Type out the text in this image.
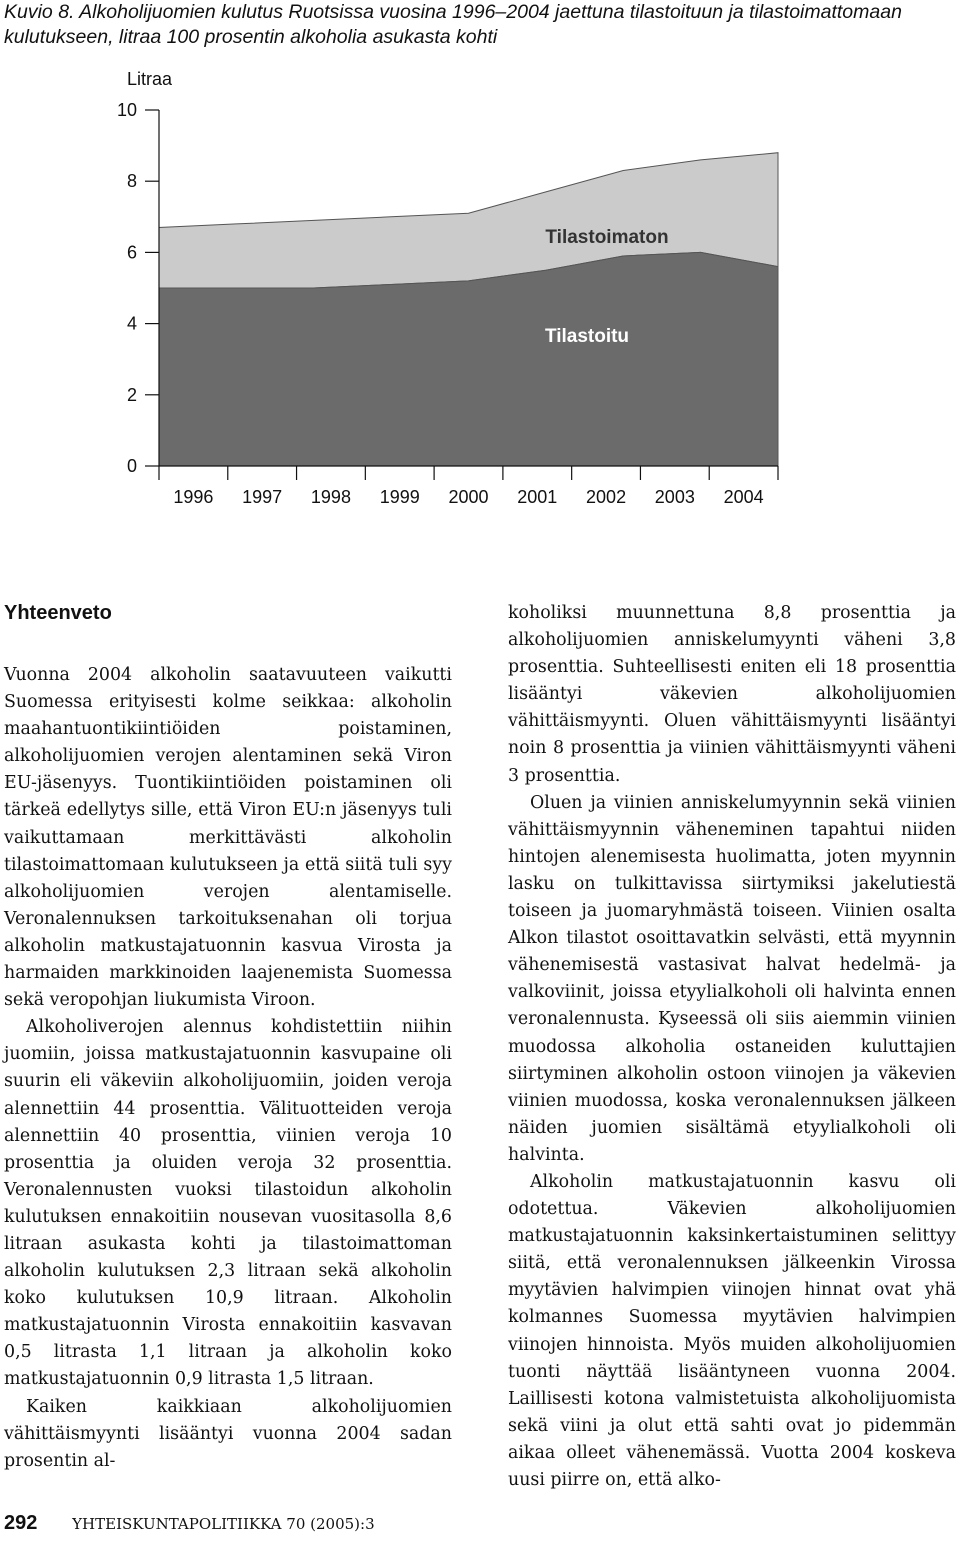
Kuvio 8. Alkoholijuomien kulutus Ruotsissa vuosina 1996–2004 jaettuna tilastoituun ja tilastoimattomaan kulutukseen, litraa 100 prosentin alkoholia asukasta kohti
0
2
4
6
8
10
Litraa
1996 1997 1998 1999 2000 2001 2002 2003 2004
Tilastoimaton
Tilastoitu
Yhteenveto

Vuonna 2004 alkoholin saatavuuteen vaikutti Suomessa erityisesti kolme seikkaa: alkoholin maahantuontikiintiöiden poistaminen, alkoholijuomien verojen alentaminen sekä Viron EU-jäsenyys. Tuontikiintiöiden poistaminen oli tärkeä edellytys sille, että Viron EU:n jäsenyys tuli vaikuttamaan merkittävästi alkoholin tilastoimattomaan kulutukseen ja että siitä tuli syy alkoholijuomien verojen alentamiselle. Veronalennuksen tarkoituksenahan oli torjua alkoholin matkustajatuonnin kasvua Virosta ja harmaiden markkinoiden laajenemista Suomessa sekä veropohjan liukumista Viroon.

Alkoholiverojen alennus kohdistettiin niihin juomiin, joissa matkustajatuonnin kasvupaine oli suurin eli väkeviin alkoholijuomiin, joiden veroja alennettiin 44 prosenttia. Välituotteiden veroja alennettiin 40 prosenttia, viinien veroja 10 prosenttia ja oluiden veroja 32 prosenttia. Veronalennusten vuoksi tilastoidun alkoholin kulutuksen ennakoitiin nousevan vuositasolla 8,6 litraan asukasta kohti ja tilastoimattoman alkoholin kulutuksen 2,3 litraan sekä alkoholin koko kulutuksen 10,9 litraan. Alkoholin matkustajatuonnin Virosta ennakoitiin kasvavan 0,5 litrasta 1,1 litraan ja alkoholin koko matkustajatuonnin 0,9 litrasta 1,5 litraan.

Kaiken kaikkiaan alkoholijuomien vähittäismyynti lisääntyi vuonna 2004 sadan prosentin al-

koholiksi muunnettuna 8,8 prosenttia ja alkoholijuomien anniskelumyynti väheni 3,8 prosenttia. Suhteellisesti eniten eli 18 prosenttia lisääntyi väkevien alkoholijuomien vähittäismyynti. Oluen vähittäismyynti lisääntyi noin 8 prosenttia ja viinien vähittäismyynti väheni 3 prosenttia.

Oluen ja viinien anniskelumyynnin sekä viinien vähittäismyynnin väheneminen tapahtui niiden hintojen alenemisesta huolimatta, joten myynnin lasku on tulkittavissa siirtymiksi jakelutiestä toiseen ja juomaryhmästä toiseen. Viinien osalta Alkon tilastot osoittavatkin selvästi, että myynnin vähenemisestä vastasivat halvat hedelmä- ja valkoviinit, joissa etyylialkoholi oli halvinta ennen veronalennusta. Kyseessä oli siis aiemmin viinien muodossa alkoholia ostaneiden kuluttajien siirtyminen alkoholin ostoon viinojen ja väkevien viinien muodossa, koska veronalennuksen jälkeen näiden juomien sisältämä etyylialkoholi oli halvinta.

Alkoholin matkustajatuonnin kasvu oli odotettua. Väkevien alkoholijuomien matkustajatuonnin kaksinkertaistuminen selittyy siitä, että veronalennuksen jälkeenkin Virossa myytävien halvimpien viinojen hinnat ovat yhä kolmannes Suomessa myytävien halvimpien viinojen hinnoista. Myös muiden alkoholijuomien tuonti näyttää lisääntyneen vuonna 2004. Laillisesti kotona valmistetuista alkoholijuomista sekä viini ja olut että sahti ovat jo pidemmän aikaa olleet vähenemässä. Vuotta 2004 koskeva uusi piirre on, että alko-

292 YHTEISKUNTAPOLITIIKKA 70 (2005):3
